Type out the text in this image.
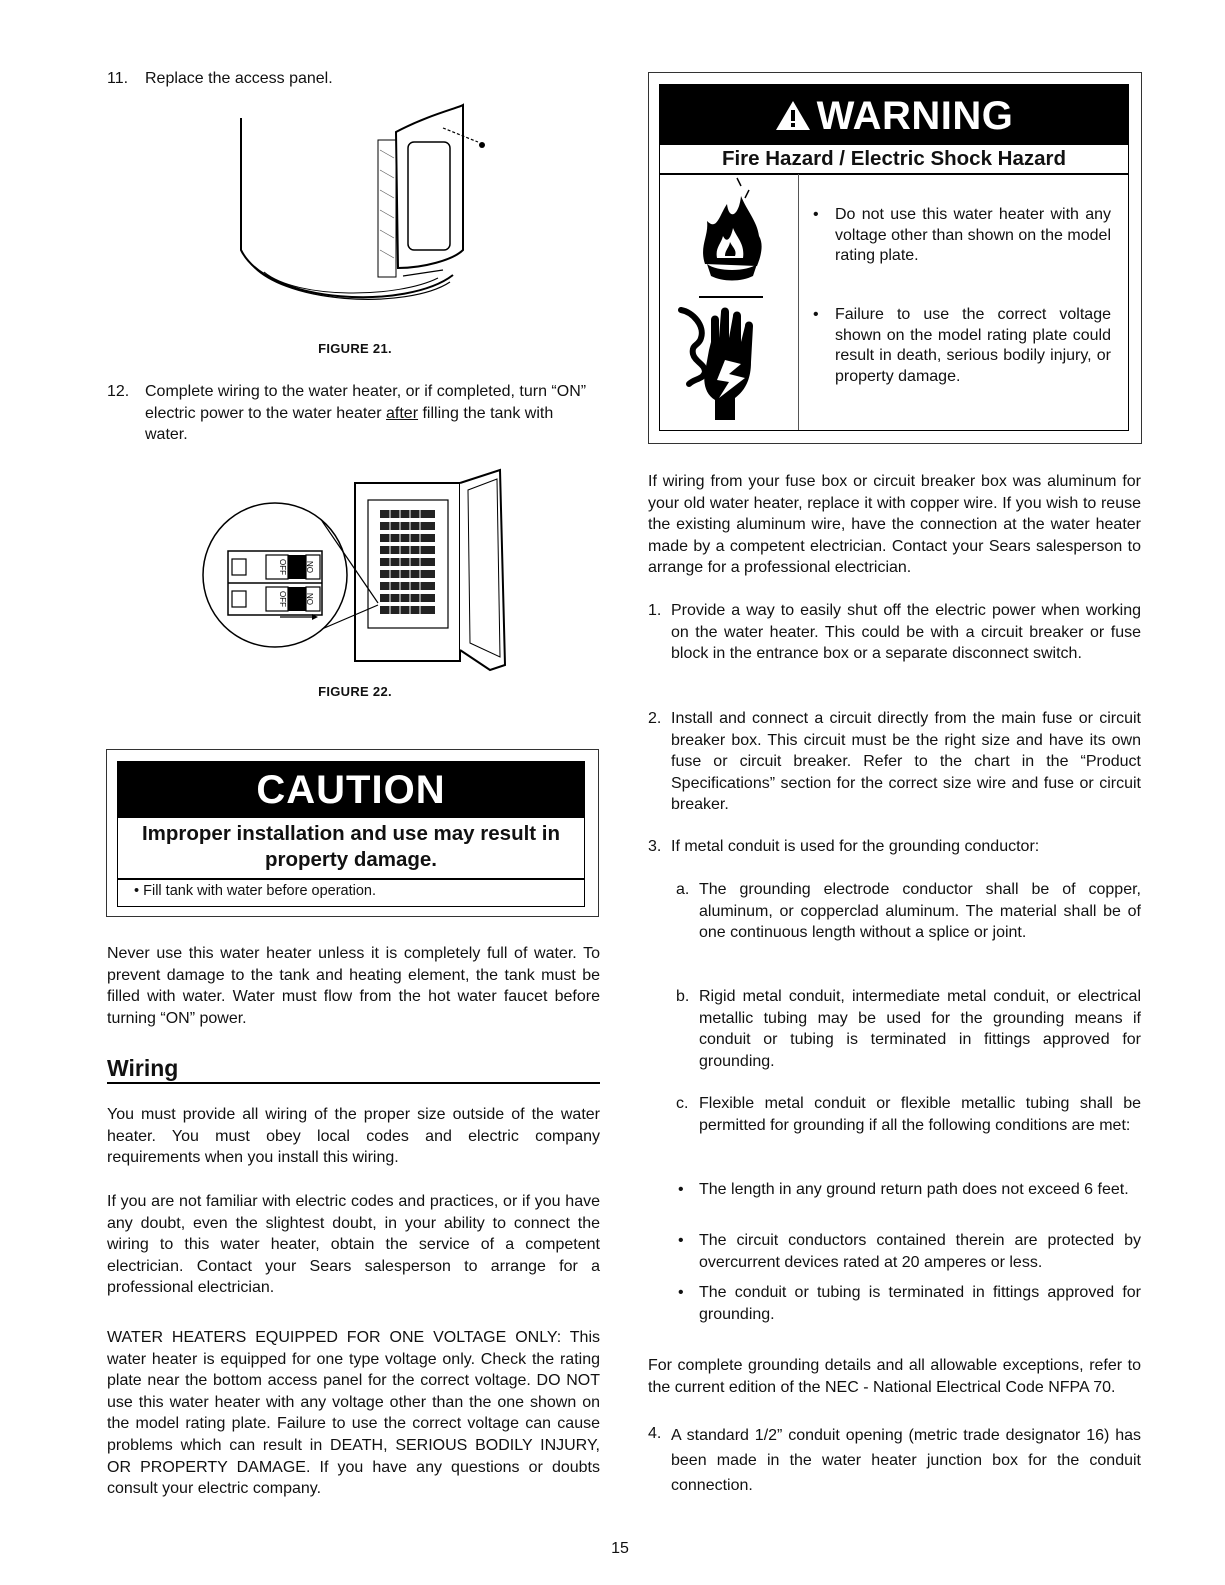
11. Replace the access panel.
FIGURE 21.
12. Complete wiring to the water heater, or if completed, turn “ON” electric power to the water heater after filling the tank with water.
OFF
OFF
ON
ON
FIGURE 22.
CAUTION
Improper installation and use may result in property damage.
• Fill tank with water before operation.
Never use this water heater unless it is completely full of water. To prevent damage to the tank and heating element, the tank must be filled with water. Water must flow from the hot water faucet before turning “ON” power.
Wiring
You must provide all wiring of the proper size outside of the water heater. You must obey local codes and electric company requirements when you install this wiring.
If you are not familiar with electric codes and practices, or if you have any doubt, even the slightest doubt, in your ability to connect the wiring to this water heater, obtain the service of a competent electrician. Contact your Sears salesperson to arrange for a professional electrician.
WATER HEATERS EQUIPPED FOR ONE VOLTAGE ONLY: This water heater is equipped for one type voltage only. Check the rating plate near the bottom access panel for the correct voltage. DO NOT use this water heater with any voltage other than the one shown on the model rating plate. Failure to use the correct voltage can cause problems which can result in DEATH, SERIOUS BODILY INJURY, OR PROPERTY DAMAGE. If you have any questions or doubts consult your electric company.
WARNING
Fire Hazard / Electric Shock Hazard
• Do not use this water heater with any voltage other than shown on the model rating plate.
• Failure to use the correct voltage shown on the model rating plate could result in death, serious bodily injury, or property damage.
If wiring from your fuse box or circuit breaker box was aluminum for your old water heater, replace it with copper wire. If you wish to reuse the existing aluminum wire, have the connection at the water heater made by a competent electrician. Contact your Sears salesperson to arrange for a professional electrician.
1. Provide a way to easily shut off the electric power when working on the water heater. This could be with a circuit breaker or fuse block in the entrance box or a separate disconnect switch.
2. Install and connect a circuit directly from the main fuse or circuit breaker box. This circuit must be the right size and have its own fuse or circuit breaker. Refer to the chart in the “Product Specifications” section for the correct size wire and fuse or circuit breaker.
3. If metal conduit is used for the grounding conductor:
a. The grounding electrode conductor shall be of copper, aluminum, or copperclad aluminum. The material shall be of one continuous length without a splice or joint.
b. Rigid metal conduit, intermediate metal conduit, or electrical metallic tubing may be used for the grounding means if conduit or tubing is terminated in fittings approved for grounding.
c. Flexible metal conduit or flexible metallic tubing shall be permitted for grounding if all the following conditions are met:
• The length in any ground return path does not exceed 6 feet.
• The circuit conductors contained therein are protected by overcurrent devices rated at 20 amperes or less.
• The conduit or tubing is terminated in fittings approved for grounding.
For complete grounding details and all allowable exceptions, refer to the current edition of the NEC - National Electrical Code NFPA 70.
4. A standard 1/2” conduit opening (metric trade designator 16) has been made in the water heater junction box for the conduit connection.
15
